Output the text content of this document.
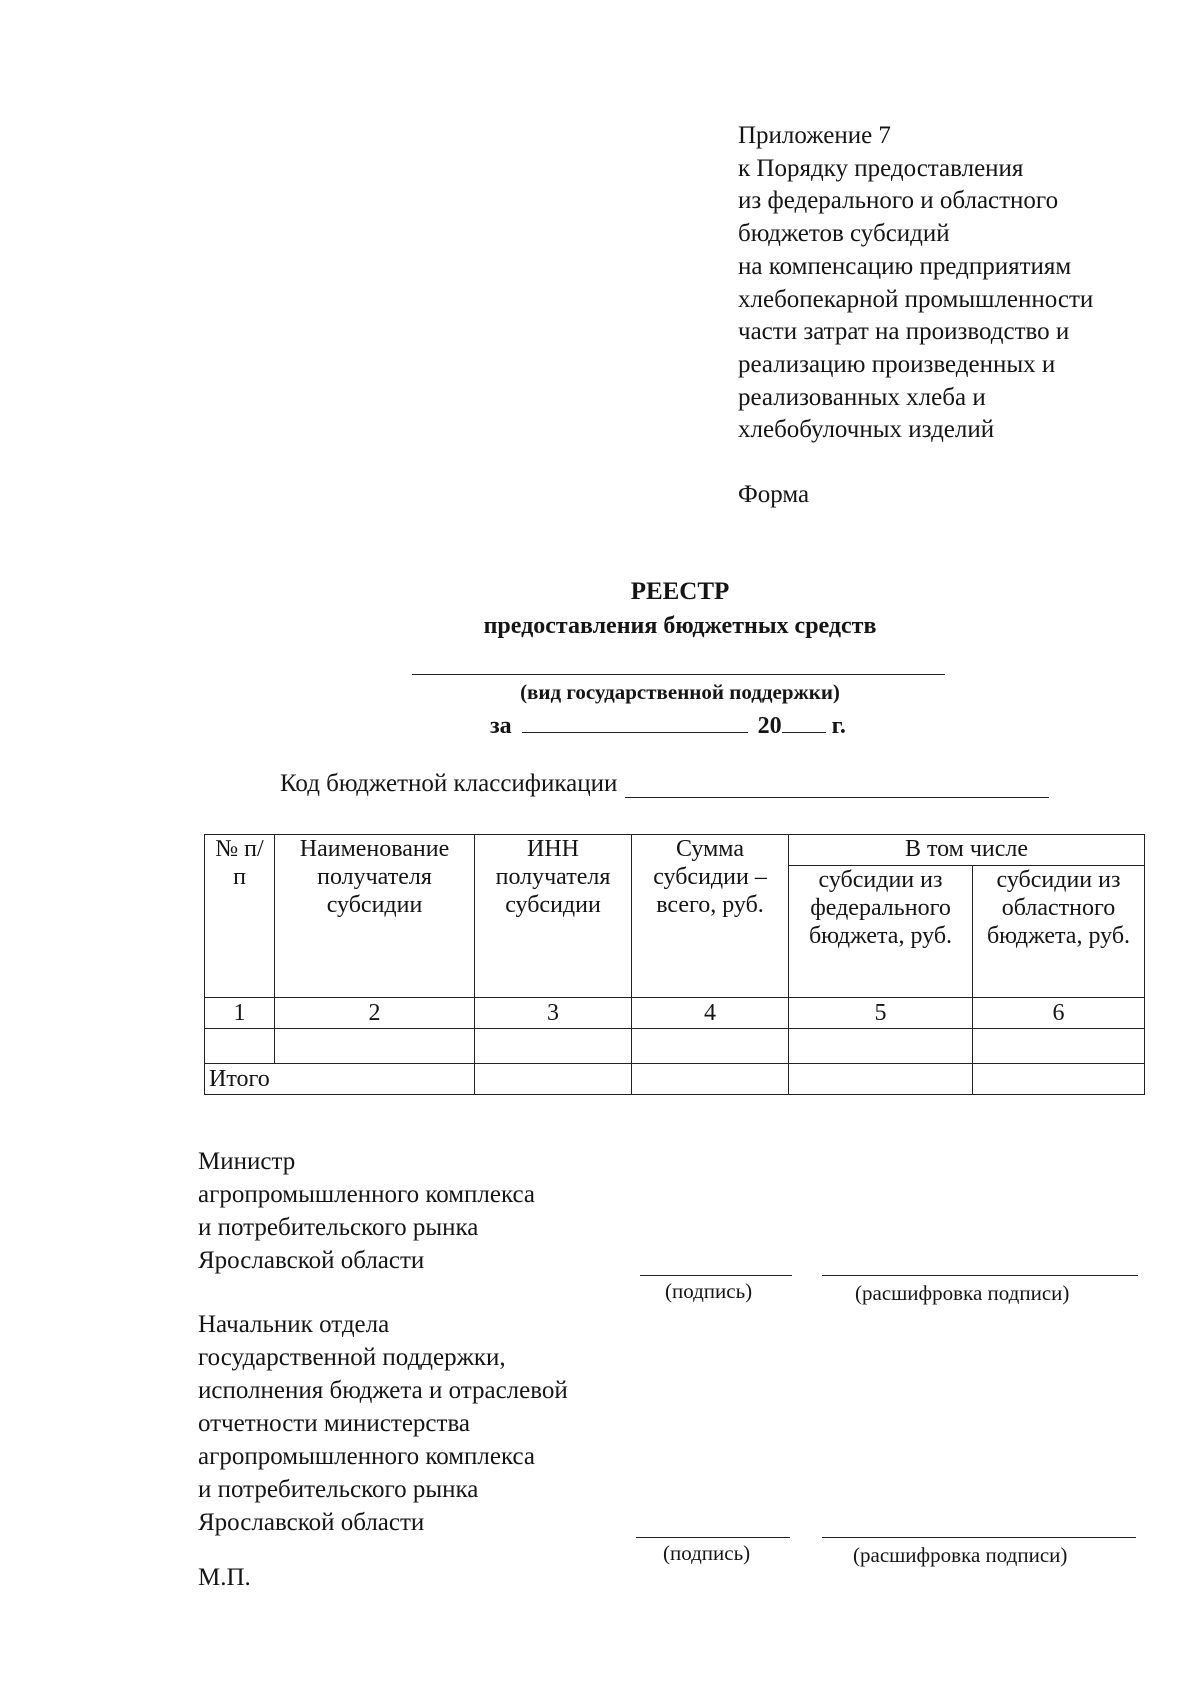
Приложение 7
к Порядку предоставления
из федерального и областного
бюджетов субсидий
на компенсацию предприятиям
хлебопекарной промышленности
части затрат на производство и
реализацию произведенных и
реализованных хлеба и
хлебобулочных изделий
Форма
РЕЕСТР
предоставления бюджетных средств
(вид государственной поддержки)
за	20 г.
Код бюджетной классификации
№ п/п	Наименование получателя субсидии	ИНН получателя субсидии	Сумма субсидии – всего, руб.	В том числе	
				субсидии из федерального бюджета, руб.	субсидии из областного бюджета, руб.
1	2	3	4	5	6

Итого					
Министр
агропромышленного комплекса
и потребительского рынка
Ярославской области
(подпись)	(расшифровка подписи)
Начальник отдела
государственной поддержки,
исполнения бюджета и отраслевой
отчетности министерства
агропромышленного комплекса
и потребительского рынка
Ярославской области
(подпись)	(расшифровка подписи)
М.П.
